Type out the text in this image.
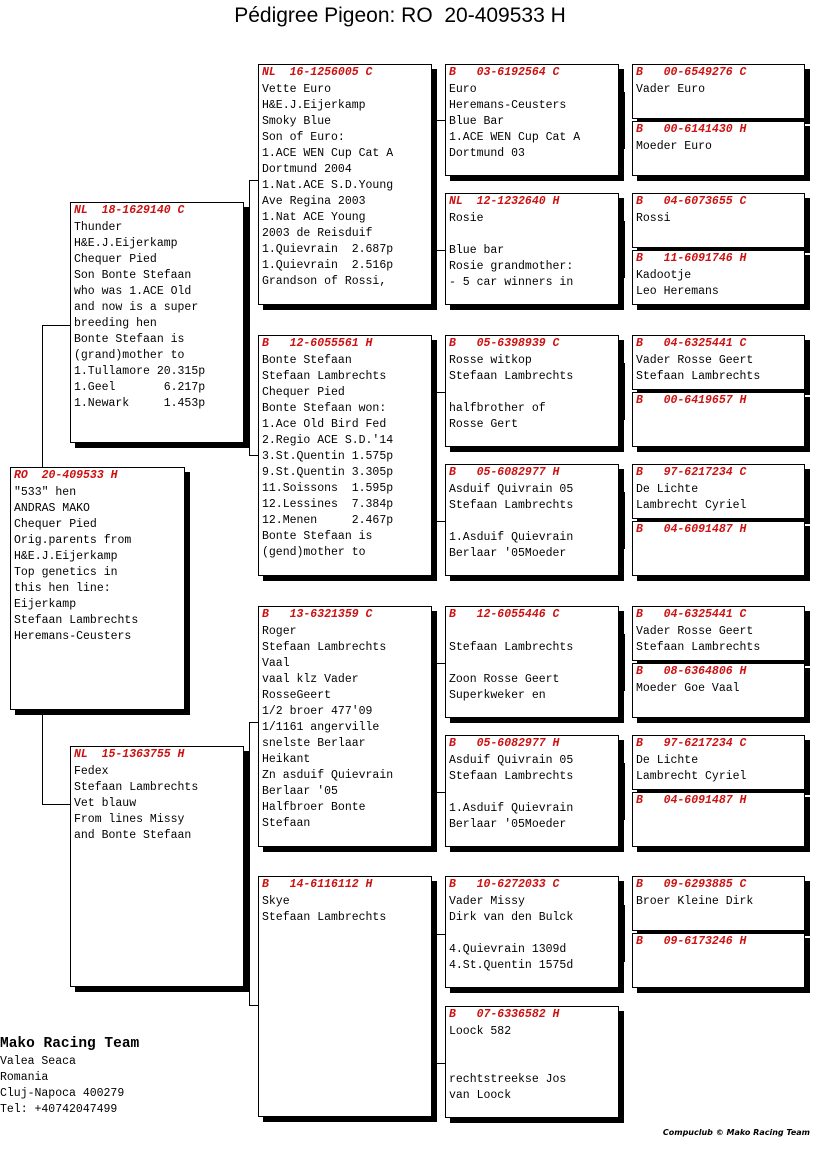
Pédigree Pigeon: RO  20-409533 H
RO  20-409533 H
"533" hen
ANDRAS MAKO
Chequer Pied
Orig.parents from
H&E.J.Eijerkamp
Top genetics in
this hen line:
Eijerkamp
Stefaan Lambrechts
Heremans-Ceusters
NL  18-1629140 C
Thunder
H&E.J.Eijerkamp
Chequer Pied
Son Bonte Stefaan
who was 1.ACE Old
and now is a super
breeding hen
Bonte Stefaan is
(grand)mother to
1.Tullamore 20.315p
1.Geel       6.217p
1.Newark     1.453p
NL  15-1363755 H
Fedex
Stefaan Lambrechts
Vet blauw
From lines Missy
and Bonte Stefaan
NL  16-1256005 C
Vette Euro
H&E.J.Eijerkamp
Smoky Blue
Son of Euro:
1.ACE WEN Cup Cat A
Dortmund 2004
1.Nat.ACE S.D.Young
Ave Regina 2003
1.Nat ACE Young
2003 de Reisduif
1.Quievrain  2.687p
1.Quievrain  2.516p
Grandson of Rossi,
B   12-6055561 H
Bonte Stefaan
Stefaan Lambrechts
Chequer Pied
Bonte Stefaan won:
1.Ace Old Bird Fed
2.Regio ACE S.D.'14
3.St.Quentin 1.575p
9.St.Quentin 3.305p
11.Soissons  1.595p
12.Lessines  7.384p
12.Menen     2.467p
Bonte Stefaan is
(gend)mother to
B   13-6321359 C
Roger
Stefaan Lambrechts
Vaal
vaal klz Vader
RosseGeert
1/2 broer 477'09
1/1161 angerville
snelste Berlaar
Heikant
Zn asduif Quievrain
Berlaar '05
Halfbroer Bonte
Stefaan
B   14-6116112 H
Skye
Stefaan Lambrechts
B   03-6192564 C
Euro
Heremans-Ceusters
Blue Bar
1.ACE WEN Cup Cat A
Dortmund 03
NL  12-1232640 H
Rosie

Blue bar
Rosie grandmother:
- 5 car winners in
B   05-6398939 C
Rosse witkop
Stefaan Lambrechts

halfbrother of
Rosse Gert
B   05-6082977 H
Asduif Quivrain 05
Stefaan Lambrechts

1.Asduif Quievrain
Berlaar '05Moeder
B   12-6055446 C

Stefaan Lambrechts

Zoon Rosse Geert
Superkweker en
B   05-6082977 H
Asduif Quivrain 05
Stefaan Lambrechts

1.Asduif Quievrain
Berlaar '05Moeder
B   10-6272033 C
Vader Missy
Dirk van den Bulck

4.Quievrain 1309d
4.St.Quentin 1575d
B   07-6336582 H
Loock 582

rechtstreekse Jos
van Loock
B   00-6549276 C
Vader Euro
B   00-6141430 H
Moeder Euro
B   04-6073655 C
Rossi
B   11-6091746 H
Kadootje
Leo Heremans
B   04-6325441 C
Vader Rosse Geert
Stefaan Lambrechts
B   00-6419657 H
B   97-6217234 C
De Lichte
Lambrecht Cyriel
B   04-6091487 H
B   04-6325441 C
Vader Rosse Geert
Stefaan Lambrechts
B   08-6364806 H
Moeder Goe Vaal
B   97-6217234 C
De Lichte
Lambrecht Cyriel
B   04-6091487 H
B   09-6293885 C
Broer Kleine Dirk
B   09-6173246 H
Mako Racing Team
Valea Seaca
Romania
Cluj-Napoca 400279
Tel: +40742047499
Compuclub © Mako Racing Team
